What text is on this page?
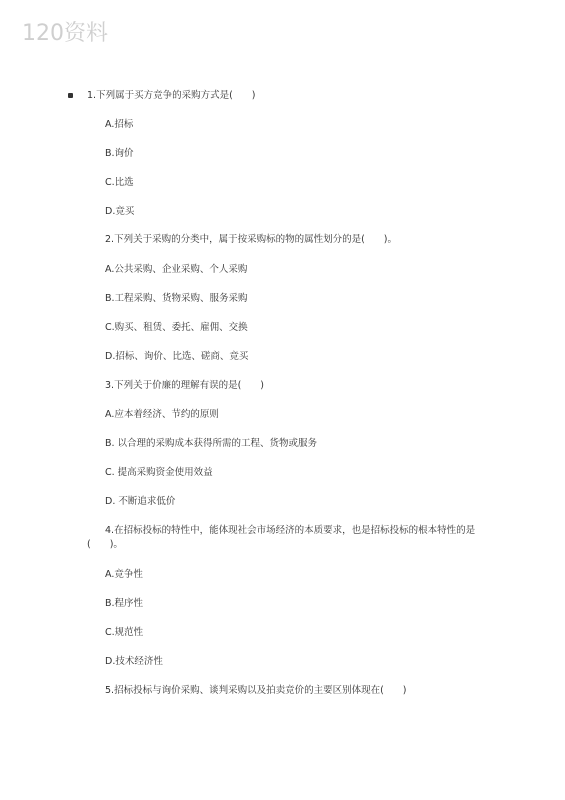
120资料
1.下列属于买方竞争的采购方式是(　　)
A.招标
B.询价
C.比选
D.竞买
2.下列关于采购的分类中，属于按采购标的物的属性划分的是(　　)。
A.公共采购、企业采购、个人采购
B.工程采购、货物采购、服务采购
C.购买、租赁、委托、雇佣、交换
D.招标、询价、比选、磋商、竞买
3.下列关于价廉的理解有误的是(　　)
A.应本着经济、节约的原则
B. 以合理的采购成本获得所需的工程、货物或服务
C. 提高采购资金使用效益
D. 不断追求低价
4.在招标投标的特性中，能体现社会市场经济的本质要求，也是招标投标的根本特性的是(　　)。
A.竞争性
B.程序性
C.规范性
D.技术经济性
5.招标投标与询价采购、谈判采购以及拍卖竞价的主要区别体现在(　　)
